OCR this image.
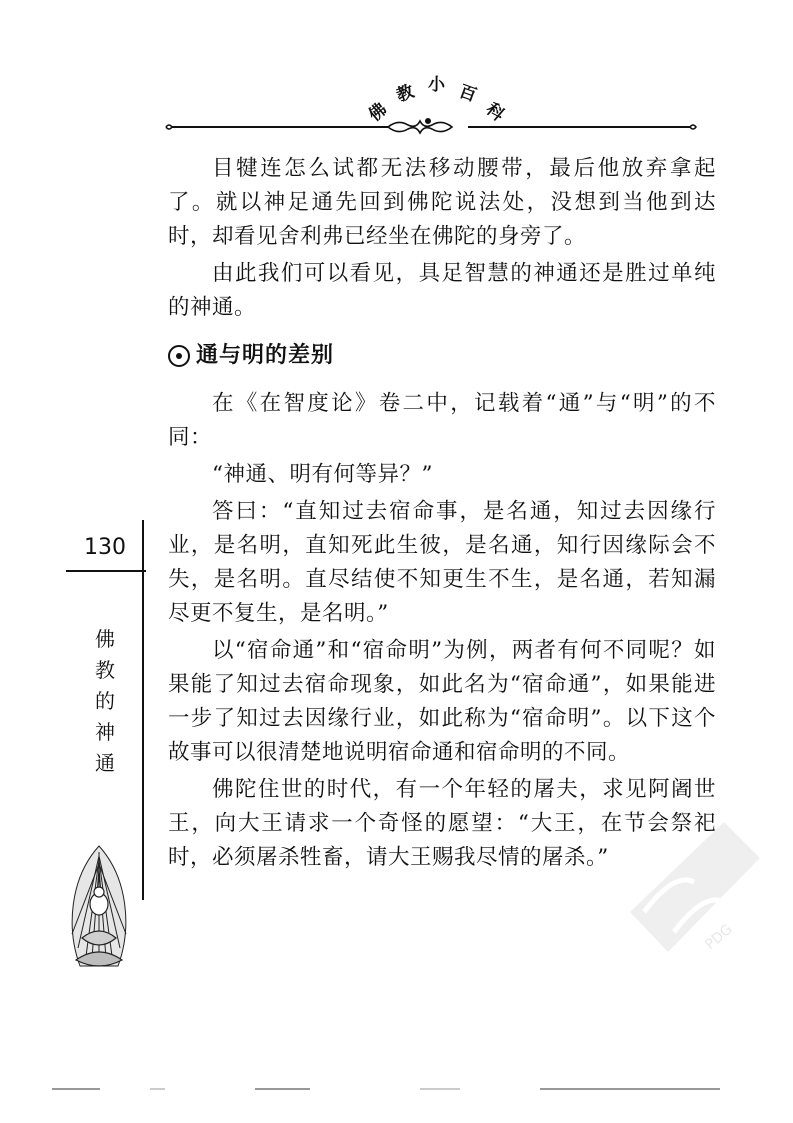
佛
教 小 百
科

目犍连怎么试都无法移动腰带，最后他放弃拿起了。就以神足通先回到佛陀说法处，没想到当他到达时，却看见舍利弗已经坐在佛陀的身旁了。

由此我们可以看见，具足智慧的神通还是胜过单纯的神通。

通与明的差别

在《在智度论》卷二中，记载着“通”与“明”的不同：

“神通、明有何等异？”

答曰：“直知过去宿命事，是名通，知过去因缘行业，是名明，直知死此生彼，是名通，知行因缘际会不失，是名明。直尽结使不知更生不生，是名通，若知漏尽更不复生，是名明。”

以“宿命通”和“宿命明”为例，两者有何不同呢？如果能了知过去宿命现象，如此名为“宿命通”，如果能进一步了知过去因缘行业，如此称为“宿命明”。以下这个故事可以很清楚地说明宿命通和宿命明的不同。

佛陀住世的时代，有一个年轻的屠夫，求见阿阇世王，向大王请求一个奇怪的愿望：“大王，在节会祭祀时，必须屠杀牲畜，请大王赐我尽情的屠杀。”

130
佛
教
的
神
通
PDG
